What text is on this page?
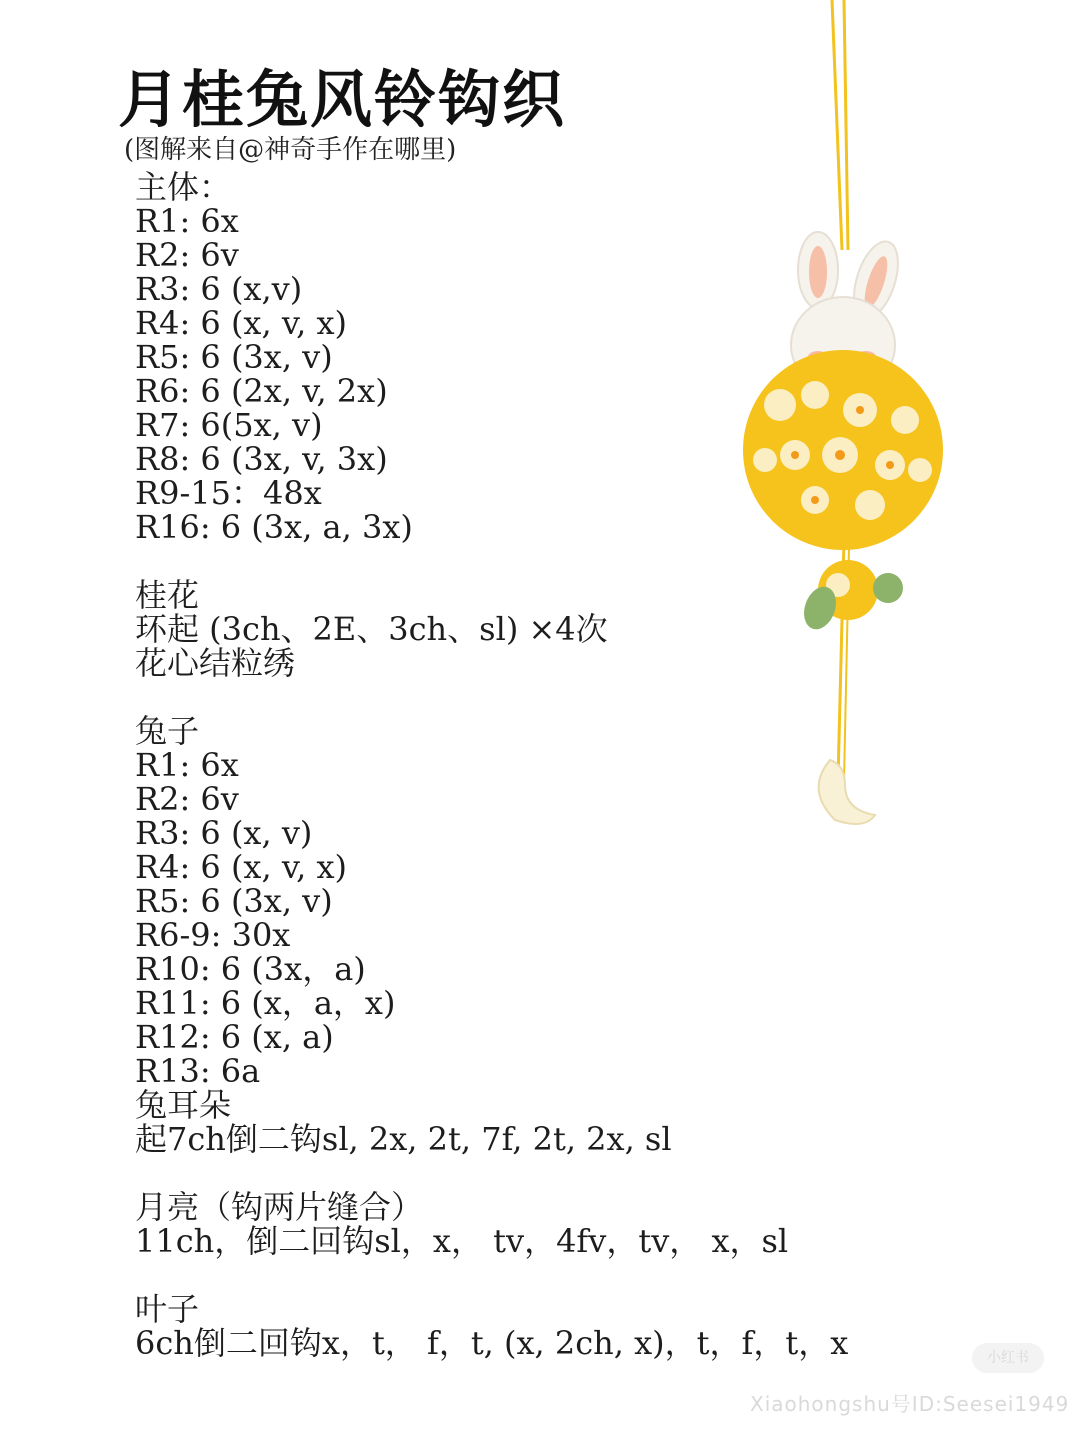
月桂兔风铃钩织
(图解来自@神奇手作在哪里)
主体：
R1: 6x
R2: 6v
R3: 6 (x,v)
R4: 6 (x, v, x)
R5: 6 (3x, v)
R6: 6 (2x, v, 2x)
R7: 6(5x, v)
R8: 6 (3x, v, 3x)
R9-15：48x
R16: 6 (3x, a, 3x)
桂花
环起 (3ch、2E、3ch、sl) ×4次
花心结粒绣
兔子
R1: 6x
R2: 6v
R3: 6 (x, v)
R4: 6 (x, v, x)
R5: 6 (3x, v)
R6-9: 30x
R10: 6 (3x，a)
R11: 6 (x，a，x)
R12: 6 (x, a)
R13: 6a
兔耳朵
起7ch倒二钩sl, 2x, 2t, 7f, 2t, 2x, sl
月亮（钩两片缝合）
11ch，倒二回钩sl，x， tv，4fv，tv， x，sl
叶子
6ch倒二回钩x，t， f，t, (x, 2ch, x)，t，f，t，x	小红书
Xiaohongshu号ID:Seesei1949
